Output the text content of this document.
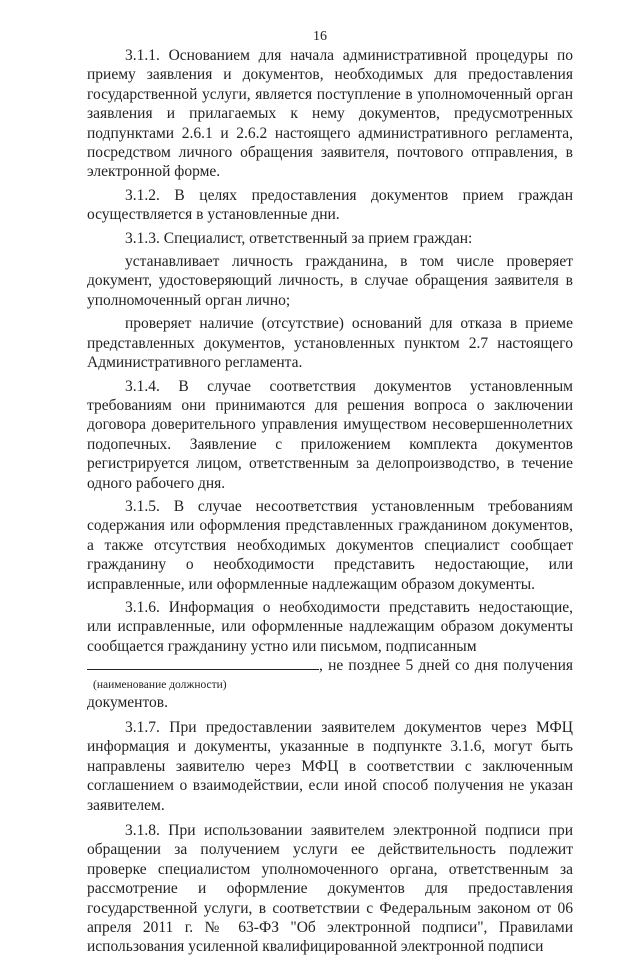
16

3.1.1. Основанием для начала административной процедуры по приему заявления и документов, необходимых для предоставления государственной услуги, является поступление в уполномоченный орган заявления и прилагаемых к нему документов, предусмотренных подпунктами 2.6.1 и 2.6.2 настоящего административного регламента, посредством личного обращения заявителя, почтового отправления, в электронной форме.

3.1.2. В целях предоставления документов прием граждан осуществляется в установленные дни.

3.1.3. Специалист, ответственный за прием граждан:

устанавливает личность гражданина, в том числе проверяет документ, удостоверяющий личность, в случае обращения заявителя в уполномоченный орган лично;

проверяет наличие (отсутствие) оснований для отказа в приеме представленных документов, установленных пунктом 2.7 настоящего Административного регламента.

3.1.4. В случае соответствия документов установленным требованиям они принимаются для решения вопроса о заключении договора доверительного управления имуществом несовершеннолетних подопечных. Заявление с приложением комплекта документов регистрируется лицом, ответственным за делопроизводство, в течение одного рабочего дня.

3.1.5. В случае несоответствия установленным требованиям содержания или оформления представленных гражданином документов, а также отсутствия необходимых документов специалист сообщает гражданину о необходимости представить недостающие, или исправленные, или оформленные надлежащим образом документы.

3.1.6. Информация о необходимости представить недостающие, или исправленные, или оформленные надлежащим образом документы сообщается гражданину устно или письмом, подписанным

, не позднее 5 дней со дня получения

(наименование должности)

документов.

3.1.7. При предоставлении заявителем документов через МФЦ информация и документы, указанные в подпункте 3.1.6, могут быть направлены заявителю через МФЦ в соответствии с заключенным соглашением о взаимодействии, если иной способ получения не указан заявителем.

3.1.8. При использовании заявителем электронной подписи при обращении за получением услуги ее действительность подлежит проверке специалистом уполномоченного органа, ответственным за рассмотрение и оформление документов для предоставления государственной услуги, в соответствии с Федеральным законом от 06 апреля 2011 г. № 63-ФЗ "Об электронной подписи", Правилами использования усиленной квалифицированной электронной подписи
